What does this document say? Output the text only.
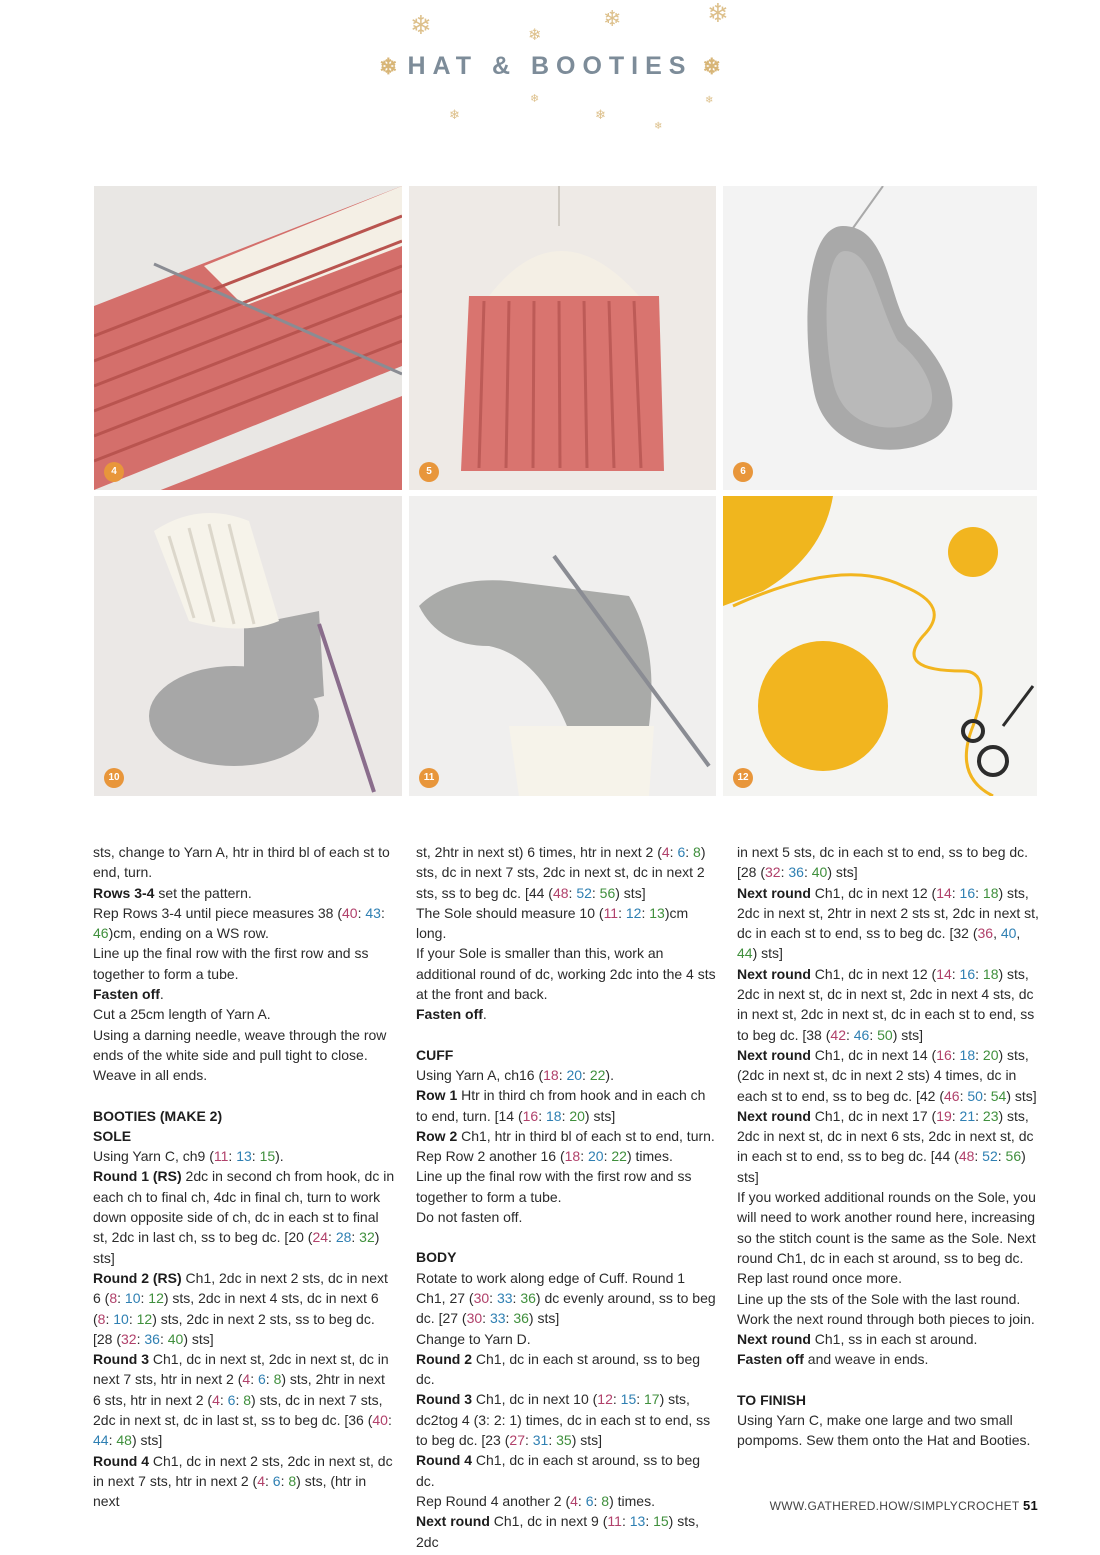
❄	❄	❄
❄
❄
❄	❄
❄
❄
❄ HAT & BOOTIES ❄
4	5	6
10	11	12

sts, change to Yarn A, htr in third bl of each st to end, turn.

Rows 3-4 set the pattern.

Rep Rows 3-4 until piece measures 38 (40: 43: 46)cm, ending on a WS row.

Line up the final row with the first row and ss together to form a tube.

Fasten off.

Cut a 25cm length of Yarn A.

Using a darning needle, weave through the row ends of the white side and pull tight to close. Weave in all ends.

BOOTIES (MAKE 2)

SOLE

Using Yarn C, ch9 (11: 13: 15).

Round 1 (RS) 2dc in second ch from hook, dc in each ch to final ch, 4dc in final ch, turn to work down opposite side of ch, dc in each st to final st, 2dc in last ch, ss to beg dc. [20 (24: 28: 32) sts]

Round 2 (RS) Ch1, 2dc in next 2 sts, dc in next 6 (8: 10: 12) sts, 2dc in next 4 sts, dc in next 6 (8: 10: 12) sts, 2dc in next 2 sts, ss to beg dc. [28 (32: 36: 40) sts]

Round 3 Ch1, dc in next st, 2dc in next st, dc in next 7 sts, htr in next 2 (4: 6: 8) sts, 2htr in next 6 sts, htr in next 2 (4: 6: 8) sts, dc in next 7 sts, 2dc in next st, dc in last st, ss to beg dc. [36 (40: 44: 48) sts]

Round 4 Ch1, dc in next 2 sts, 2dc in next st, dc in next 7 sts, htr in next 2 (4: 6: 8) sts, (htr in next

st, 2htr in next st) 6 times, htr in next 2 (4: 6: 8) sts, dc in next 7 sts, 2dc in next st, dc in next 2 sts, ss to beg dc. [44 (48: 52: 56) sts]

The Sole should measure 10 (11: 12: 13)cm long.

If your Sole is smaller than this, work an additional round of dc, working 2dc into the 4 sts at the front and back.

Fasten off.

CUFF

Using Yarn A, ch16 (18: 20: 22).

Row 1 Htr in third ch from hook and in each ch to end, turn. [14 (16: 18: 20) sts]

Row 2 Ch1, htr in third bl of each st to end, turn.

Rep Row 2 another 16 (18: 20: 22) times.

Line up the final row with the first row and ss together to form a tube.

Do not fasten off.

BODY

Rotate to work along edge of Cuff. Round 1 Ch1, 27 (30: 33: 36) dc evenly around, ss to beg dc. [27 (30: 33: 36) sts]

Change to Yarn D.

Round 2 Ch1, dc in each st around, ss to beg dc.

Round 3 Ch1, dc in next 10 (12: 15: 17) sts, dc2tog 4 (3: 2: 1) times, dc in each st to end, ss to beg dc. [23 (27: 31: 35) sts]

Round 4 Ch1, dc in each st around, ss to beg dc.

Rep Round 4 another 2 (4: 6: 8) times.

Next round Ch1, dc in next 9 (11: 13: 15) sts, 2dc

in next 5 sts, dc in each st to end, ss to beg dc. [28 (32: 36: 40) sts]

Next round Ch1, dc in next 12 (14: 16: 18) sts, 2dc in next st, 2htr in next 2 sts st, 2dc in next st, dc in each st to end, ss to beg dc. [32 (36, 40, 44) sts]

Next round Ch1, dc in next 12 (14: 16: 18) sts, 2dc in next st, dc in next st, 2dc in next 4 sts, dc in next st, 2dc in next st, dc in each st to end, ss to beg dc. [38 (42: 46: 50) sts]

Next round Ch1, dc in next 14 (16: 18: 20) sts, (2dc in next st, dc in next 2 sts) 4 times, dc in each st to end, ss to beg dc. [42 (46: 50: 54) sts]

Next round Ch1, dc in next 17 (19: 21: 23) sts, 2dc in next st, dc in next 6 sts, 2dc in next st, dc in each st to end, ss to beg dc. [44 (48: 52: 56) sts]

If you worked additional rounds on the Sole, you will need to work another round here, increasing so the stitch count is the same as the Sole. Next round Ch1, dc in each st around, ss to beg dc.

Rep last round once more.

Line up the sts of the Sole with the last round. Work the next round through both pieces to join.

Next round Ch1, ss in each st around.

Fasten off and weave in ends.

TO FINISH

Using Yarn C, make one large and two small pompoms. Sew them onto the Hat and Booties.

WWW.GATHERED.HOW/SIMPLYCROCHET 51
